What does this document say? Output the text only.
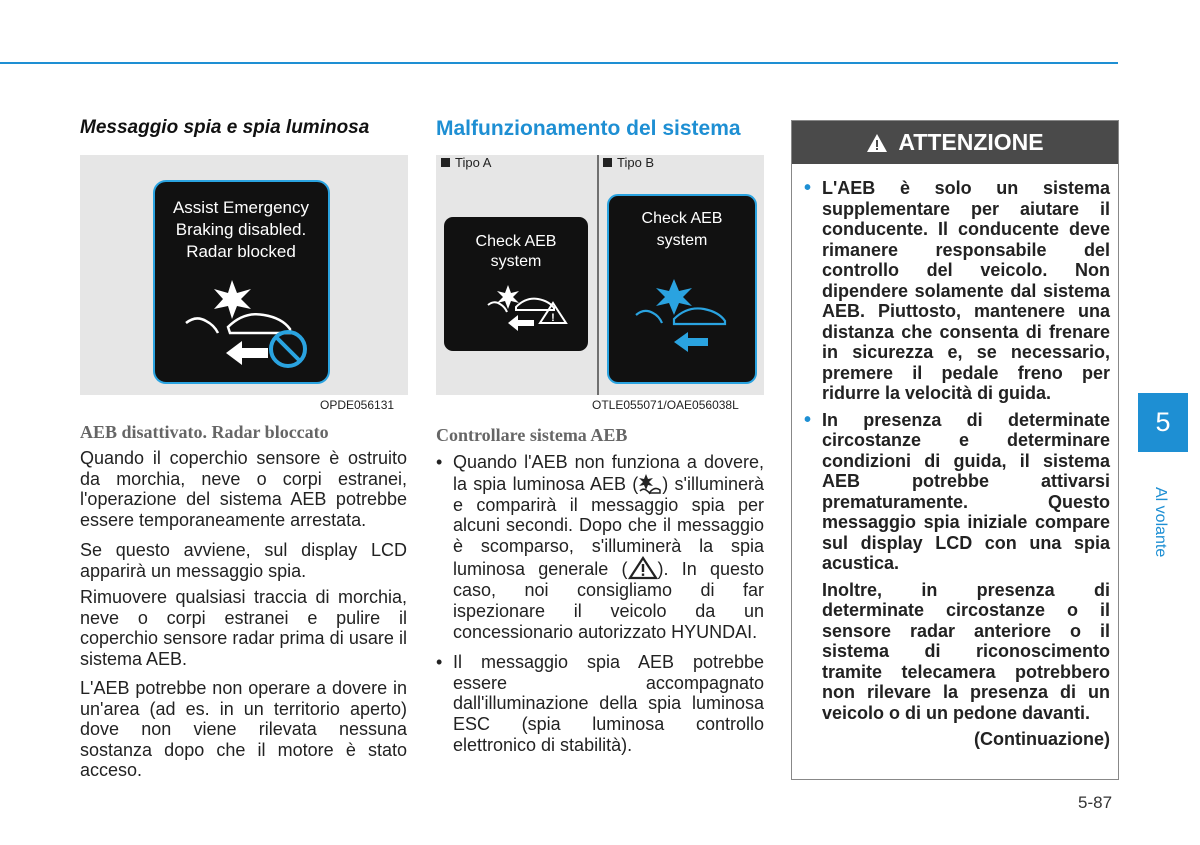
Messaggio spia e spia luminosa
Assist Emergency
Braking disabled.
Radar blocked
OPDE056131
AEB disattivato. Radar bloccato

Quando il coperchio sensore è ostruito da morchia, neve o corpi estranei, l'operazione del sistema AEB potrebbe essere temporaneamente arrestata.

Se questo avviene, sul display LCD apparirà un messaggio spia.

Rimuovere qualsiasi traccia di morchia, neve o corpi estranei e pulire il coperchio sensore radar prima di usare il sistema AEB.

L'AEB potrebbe non operare a dovere in un'area (ad es. in un territorio aperto) dove non viene rilevata nessuna sostanza dopo che il motore è stato acceso.

Malfunzionamento del sistema
Tipo A	Tipo B
Check AEB
system
!
Check AEB
system
OTLE055071/OAE056038L
Controllare sistema AEB
• Quando l'AEB non funziona a dovere, la spia luminosa AEB ( ) s'illuminerà e comparirà il messaggio spia per alcuni secondi. Dopo che il messaggio è scomparso, s'illuminerà la spia luminosa generale ( ). In questo caso, noi consigliamo di far ispezionare il veicolo da un concessionario autorizzato HYUNDAI.
• Il messaggio spia AEB potrebbe essere accompagnato dall'illuminazione della spia luminosa ESC (spia luminosa controllo elettronico di stabilità).
ATTENZIONE
• L'AEB è solo un sistema supplementare per aiutare il conducente. Il conducente deve rimanere responsabile del controllo del veicolo. Non dipendere solamente dal sistema AEB. Piuttosto, mantenere una distanza che consenta di frenare in sicurezza e, se necessario, premere il pedale freno per ridurre la velocità di guida.
• In presenza di determinate circostanze e determinare condizioni di guida, il sistema AEB potrebbe attivarsi prematuramente. Questo messaggio spia iniziale compare sul display LCD con una spia acustica.
Inoltre, in presenza di determinate circostanze o il sensore radar anteriore o il sistema di riconoscimento tramite telecamera potrebbero non rilevare la presenza di un veicolo o di un pedone davanti.
(Continuazione)
5
Al volante
5-87
